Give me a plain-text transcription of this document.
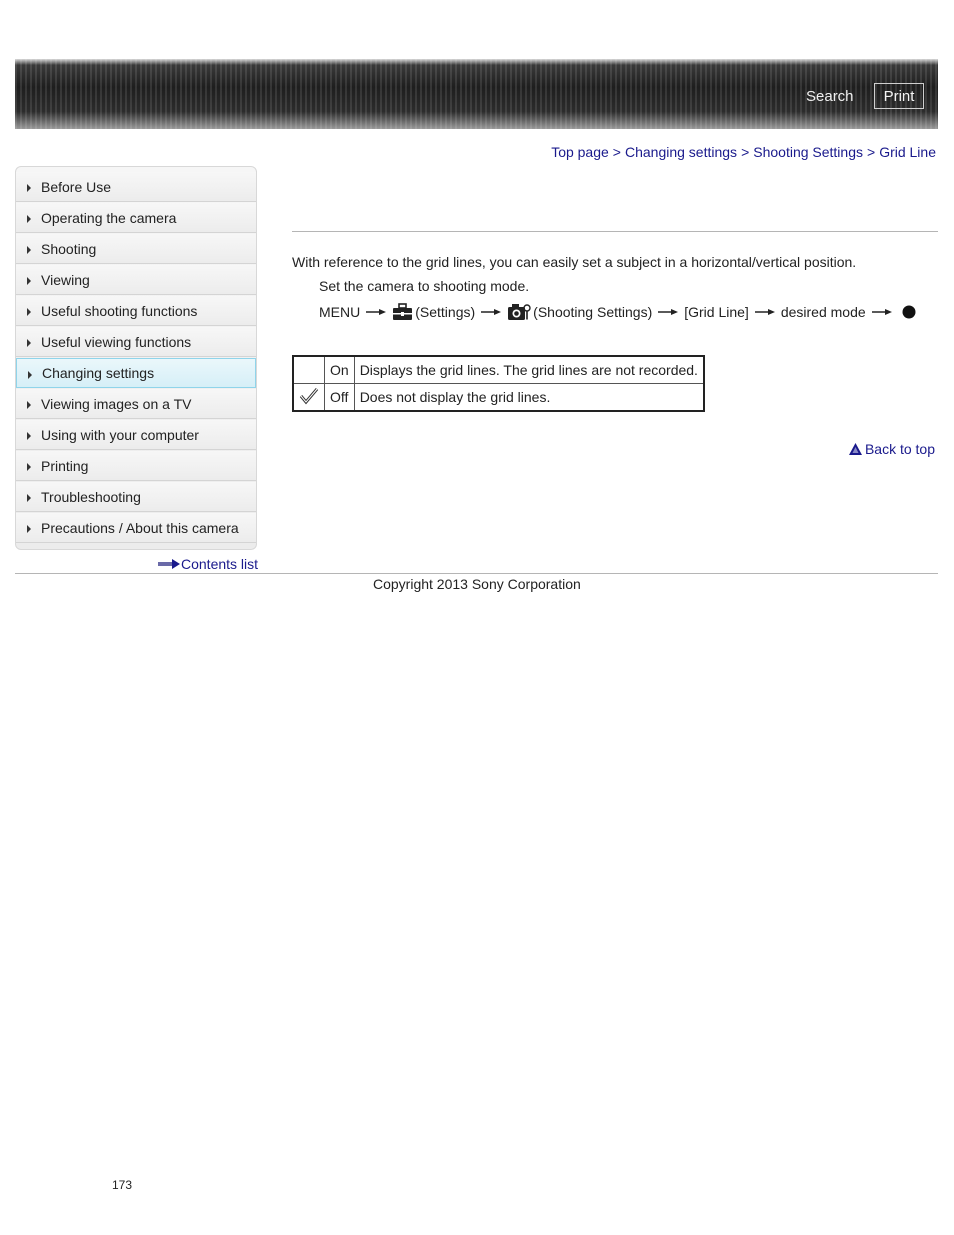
Search	Print
Top page > Changing settings > Shooting Settings > Grid Line
Before Use
Operating the camera
Shooting
Viewing
Useful shooting functions
Useful viewing functions
Changing settings
Viewing images on a TV
Using with your computer
Printing
Troubleshooting
Precautions / About this camera
Contents list
With reference to the grid lines, you can easily set a subject in a horizontal/vertical position.
Set the camera to shooting mode.
MENU	(Settings)	(Shooting Settings) [Grid Line] desired mode
	On	Displays the grid lines. The grid lines are not recorded.
	Off	Does not display the grid lines.
Back to top
Copyright 2013 Sony Corporation
173
